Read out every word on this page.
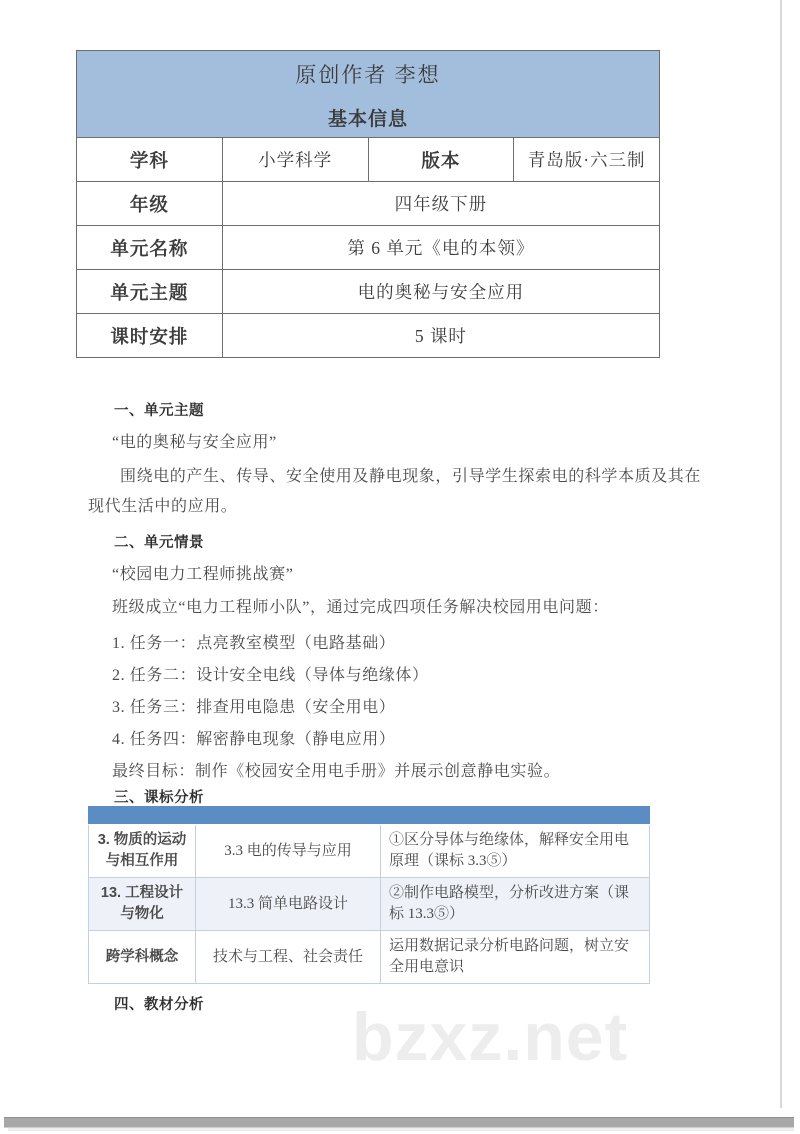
bzxz.net
原创作者 李想			
基本信息			
学科	小学科学	版本	青岛版·六三制
年级	四年级下册		
单元名称	第 6 单元《电的本领》		
单元主题	电的奥秘与安全应用		
课时安排	5 课时		
一、单元主题
“电的奥秘与安全应用”
围绕电的产生、传导、安全使用及静电现象，引导学生探索电的科学本质及其在现代生活中的应用。
二、单元情景
“校园电力工程师挑战赛”
班级成立“电力工程师小队”，通过完成四项任务解决校园用电问题：
1. 任务一：点亮教室模型（电路基础）
2. 任务二：设计安全电线（导体与绝缘体）
3. 任务三：排查用电隐患（安全用电）
4. 任务四：解密静电现象（静电应用）
最终目标：制作《校园安全用电手册》并展示创意静电实验。
三、课标分析

3. 物质的运动与相互作用	3.3 电的传导与应用	①区分导体与绝缘体，解释安全用电原理（课标 3.3⑤）
13. 工程设计与物化	13.3 简单电路设计	②制作电路模型，分析改进方案（课标 13.3⑤）
跨学科概念	技术与工程、社会责任	运用数据记录分析电路问题，树立安全用电意识
四、教材分析
